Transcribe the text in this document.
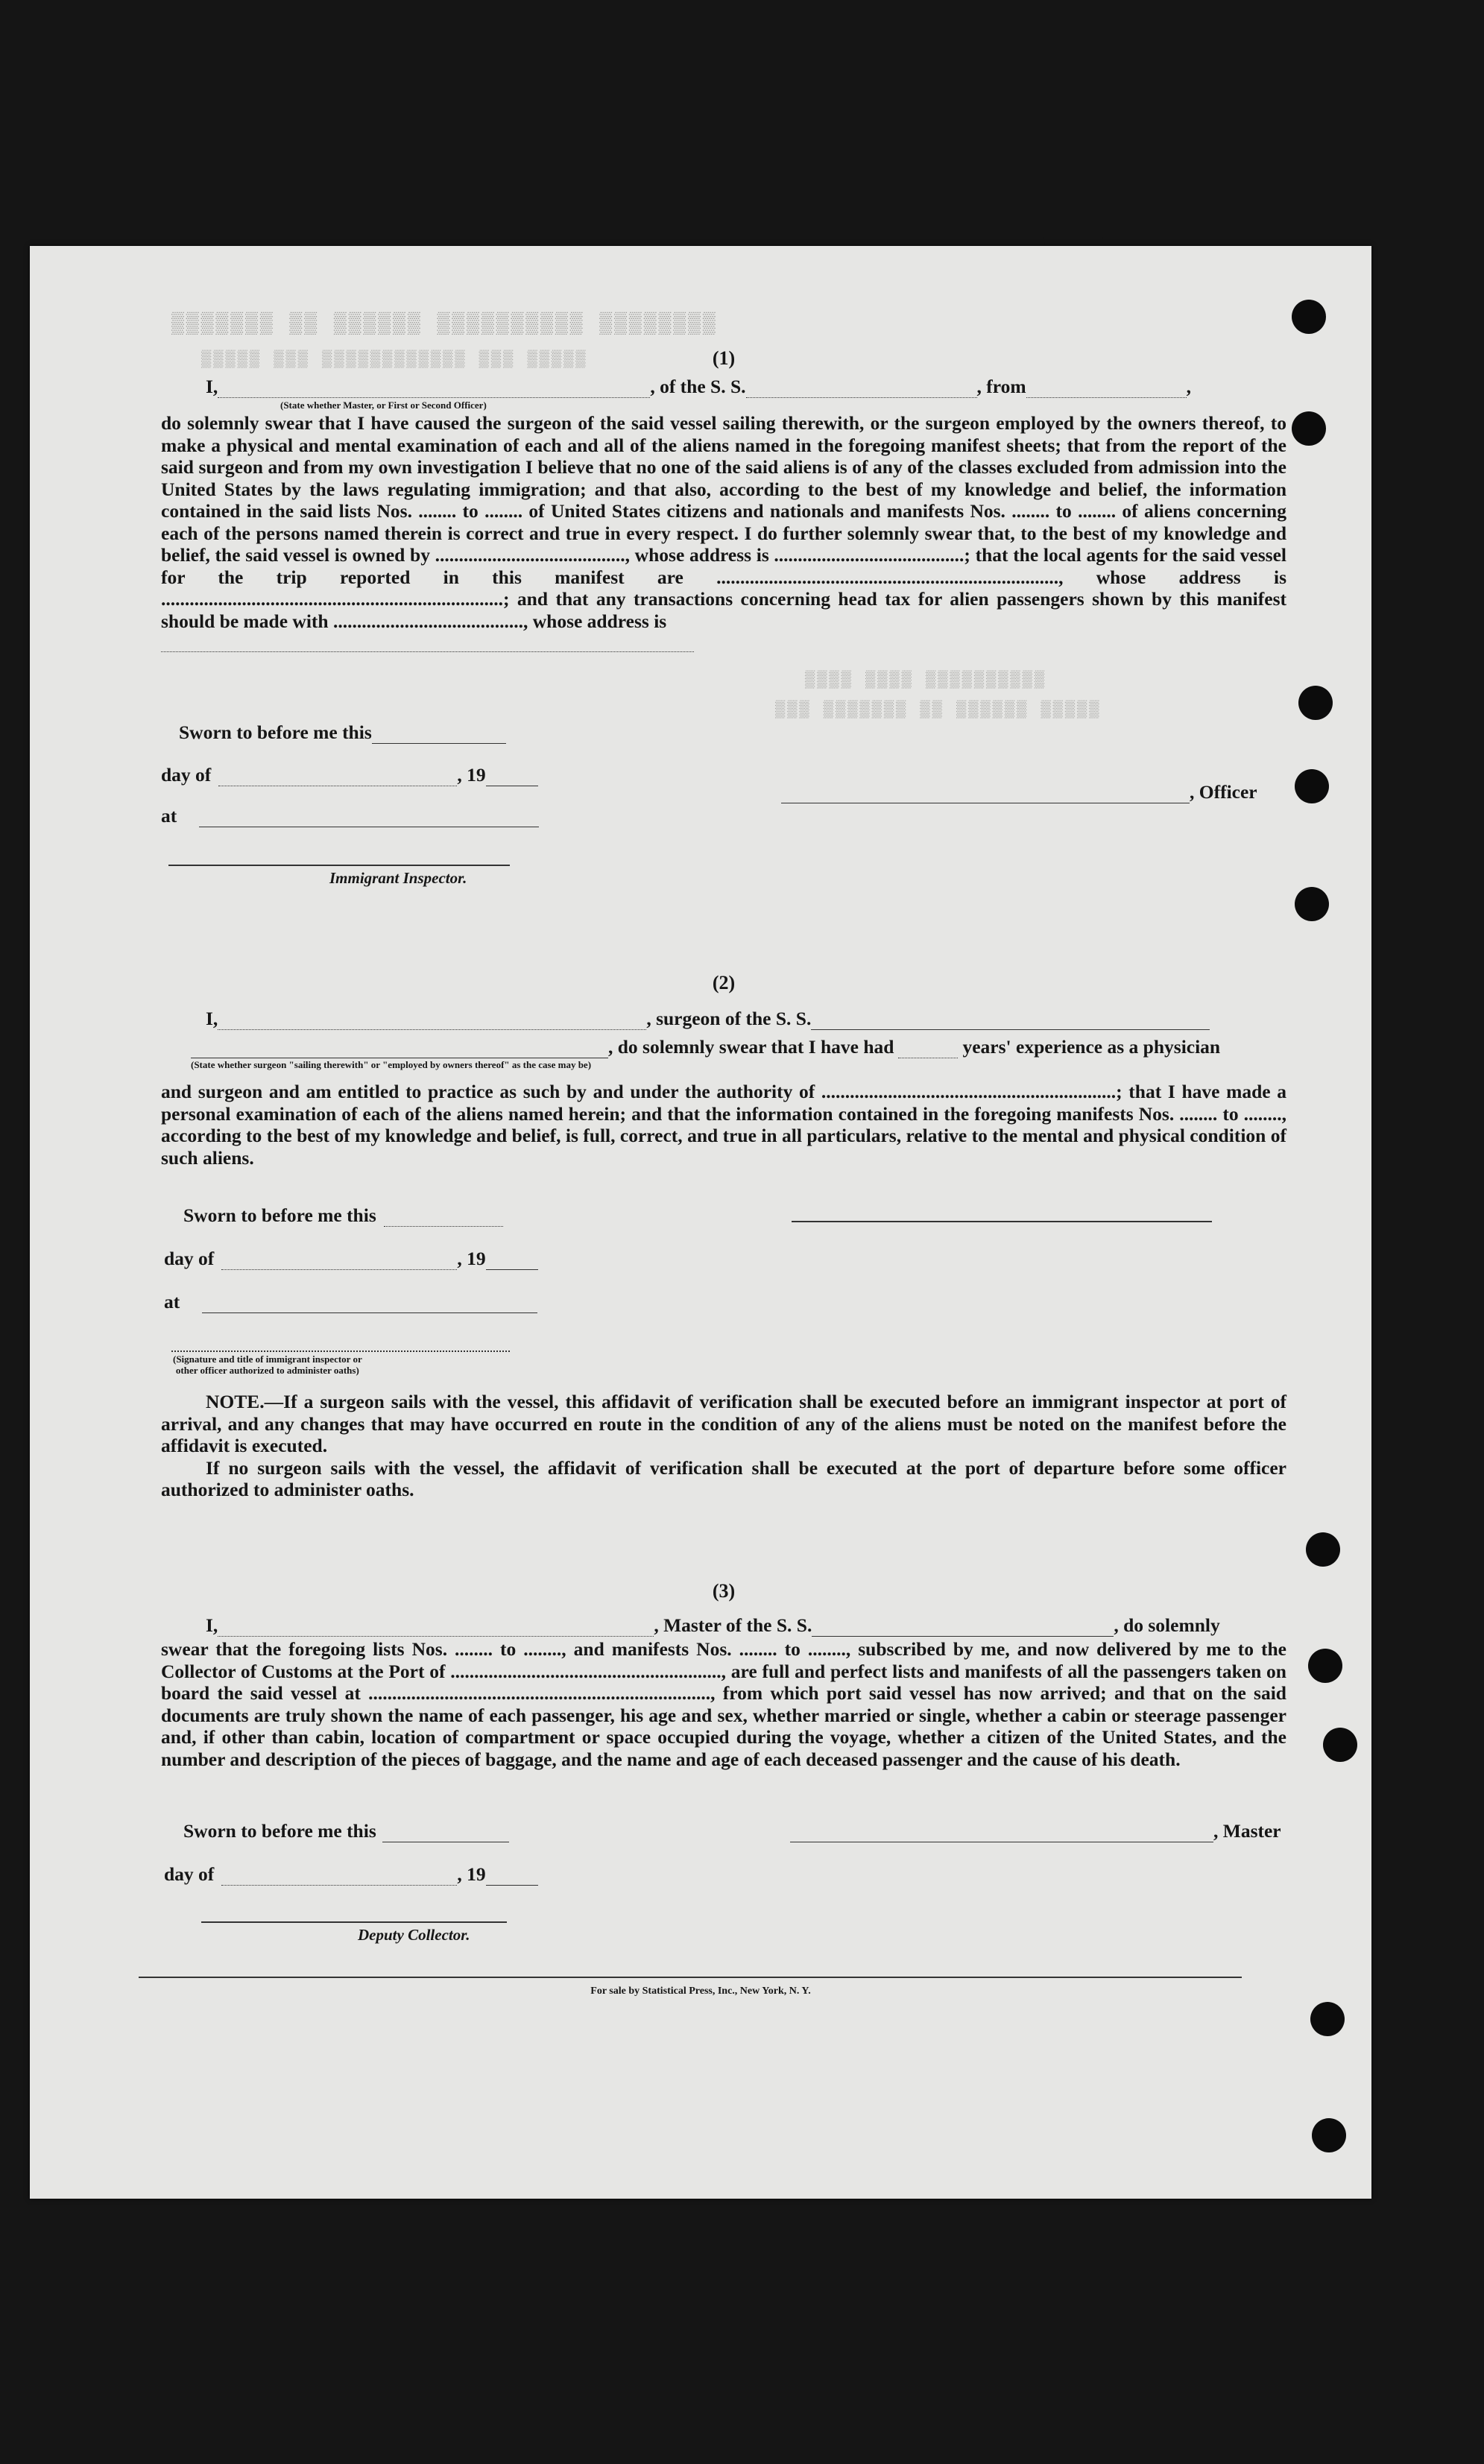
▒▒▒▒▒▒▒ ▒▒ ▒▒▒▒▒▒ ▒▒▒▒▒▒▒▒▒▒ ▒▒▒▒▒▒▒▒
▒▒▒▒▒ ▒▒▒ ▒▒▒▒▒▒▒▒▒▒▒▒ ▒▒▒ ▒▒▒▒▒
▒▒▒▒ ▒▒▒▒ ▒▒▒▒▒▒▒▒▒▒
▒▒▒ ▒▒▒▒▒▒▒ ▒▒ ▒▒▒▒▒▒ ▒▒▒▒▒
(1)
I,	, of the S. S.	, from	,
(State whether Master, or First or Second Officer)
do solemnly swear that I have caused the surgeon of the said vessel sailing therewith, or the surgeon employed by the owners thereof, to make a physical and mental examination of each and all of the aliens named in the foregoing manifest sheets; that from the report of the said surgeon and from my own investigation I believe that no one of the said aliens is of any of the classes excluded from admission into the United States by the laws regulating immigration; and that also, according to the best of my knowledge and belief, the information contained in the said lists Nos. ........ to ........ of United States citizens and nationals and manifests Nos. ........ to ........ of aliens concerning each of the persons named therein is correct and true in every respect. I do further solemnly swear that, to the best of my knowledge and belief, the said vessel is owned by ........................................, whose address is ........................................; that the local agents for the said vessel for the trip reported in this manifest are ........................................................................, whose address is ........................................................................; and that any transactions concerning head tax for alien passengers shown by this manifest should be made with ........................................, whose address is
Sworn to before me this
day of	, 19
at
Immigrant Inspector.
, Officer
(2)
I,	, surgeon of the S. S.
, do solemnly swear that I have had	years' experience as a physician
(State whether surgeon "sailing therewith" or "employed by owners thereof" as the case may be)
and surgeon and am entitled to practice as such by and under the authority of ..............................................................; that I have made a personal examination of each of the aliens named herein; and that the information contained in the foregoing manifests Nos. ........ to ........, according to the best of my knowledge and belief, is full, correct, and true in all particulars, relative to the mental and physical condition of such aliens.
Sworn to before me this
day of	, 19
at
(Signature and title of immigrant inspector or
other officer authorized to administer oaths)
NOTE.—If a surgeon sails with the vessel, this affidavit of verification shall be executed before an immigrant inspector at port of arrival, and any changes that may have occurred en route in the condition of any of the aliens must be noted on the manifest before the affidavit is executed.
If no surgeon sails with the vessel, the affidavit of verification shall be executed at the port of departure before some officer authorized to administer oaths.
(3)
I,	, Master of the S. S.	, do solemnly
swear that the foregoing lists Nos. ........ to ........, and manifests Nos. ........ to ........, subscribed by me, and now delivered by me to the Collector of Customs at the Port of ........................................................., are full and perfect lists and manifests of all the passengers taken on board the said vessel at ........................................................................, from which port said vessel has now arrived; and that on the said documents are truly shown the name of each passenger, his age and sex, whether married or single, whether a cabin or steerage passenger and, if other than cabin, location of compartment or space occupied during the voyage, whether a citizen of the United States, and the number and description of the pieces of baggage, and the name and age of each deceased passenger and the cause of his death.
Sworn to before me this
day of	, 19
Deputy Collector.
, Master
For sale by Statistical Press, Inc., New York, N. Y.
